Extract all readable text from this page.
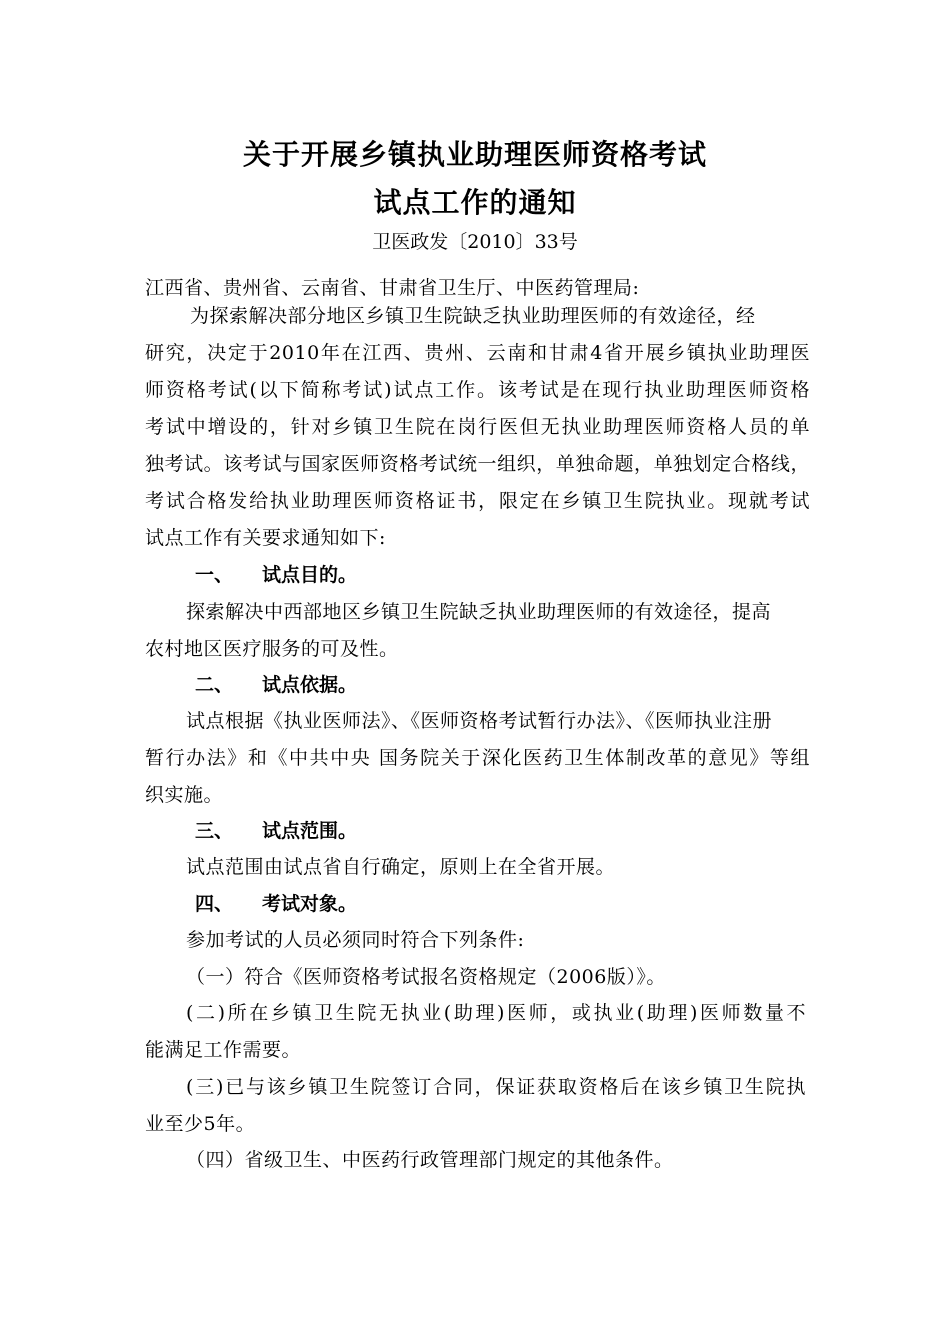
关于开展乡镇执业助理医师资格考试
试点工作的通知
卫医政发〔2010〕33号
江西省、贵州省、云南省、甘肃省卫生厅、中医药管理局:
为探索解决部分地区乡镇卫生院缺乏执业助理医师的有效途径，经
研究，决定于2010年在江西、贵州、云南和甘肃4省开展乡镇执业助理医
师资格考试(以下简称考试)试点工作。该考试是在现行执业助理医师资格
考试中增设的，针对乡镇卫生院在岗行医但无执业助理医师资格人员的单
独考试。该考试与国家医师资格考试统一组织，单独命题，单独划定合格线，
考试合格发给执业助理医师资格证书，限定在乡镇卫生院执业。现就考试
试点工作有关要求通知如下:
一、 试点目的。
探索解决中西部地区乡镇卫生院缺乏执业助理医师的有效途径，提高
农村地区医疗服务的可及性。
二、 试点依据。
试点根据《执业医师法》、《医师资格考试暂行办法》、《医师执业注册
暂行办法》和《中共中央 国务院关于深化医药卫生体制改革的意见》等组
织实施。
三、 试点范围。
试点范围由试点省自行确定，原则上在全省开展。
四、 考试对象。
参加考试的人员必须同时符合下列条件:
（一）符合《医师资格考试报名资格规定（2006版）》。
(二)所在乡镇卫生院无执业(助理)医师，或执业(助理)医师数量不
能满足工作需要。
(三)已与该乡镇卫生院签订合同，保证获取资格后在该乡镇卫生院执
业至少5年。
（四）省级卫生、中医药行政管理部门规定的其他条件。
